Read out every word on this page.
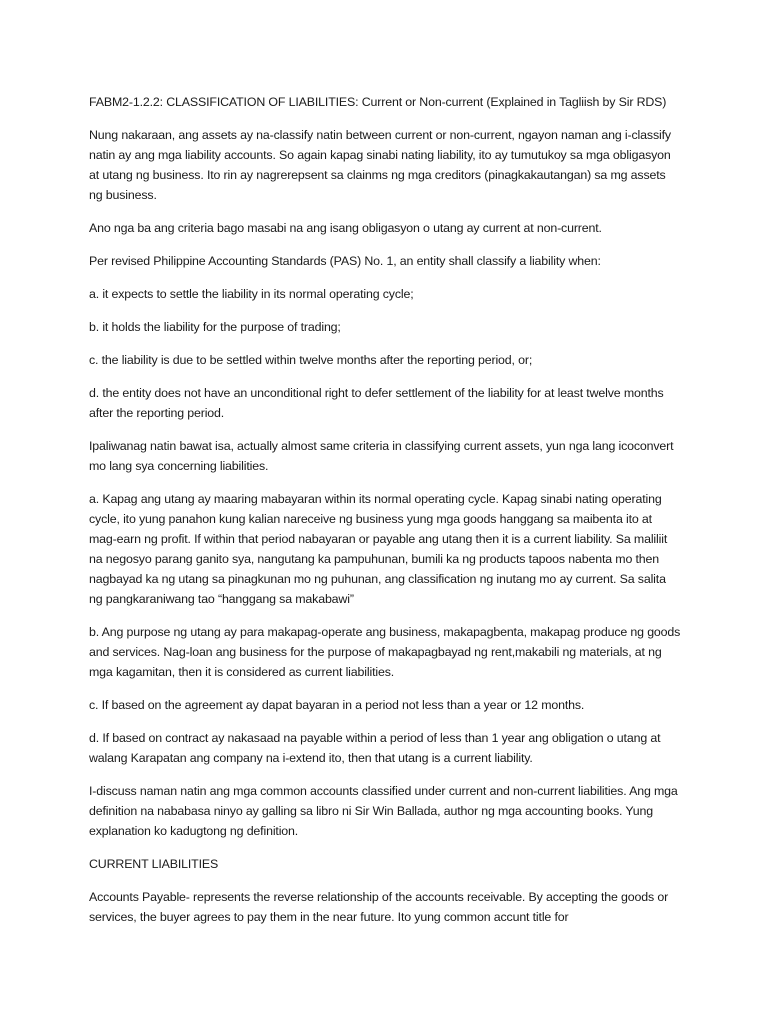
FABM2-1.2.2: CLASSIFICATION OF LIABILITIES: Current or Non-current (Explained in Tagliish by Sir RDS)

Nung nakaraan, ang assets ay na-classify natin between current or non-current, ngayon naman ang i-classify natin ay ang mga liability accounts. So again kapag sinabi nating liability, ito ay tumutukoy sa mga obligasyon at utang ng business. Ito rin ay nagrerepsent sa clainms ng mga creditors (pinagkakautangan) sa mg assets ng business.

Ano nga ba ang criteria bago masabi na ang isang obligasyon o utang ay current at non-current.

Per revised Philippine Accounting Standards (PAS) No. 1, an entity shall classify a liability when:

a. it expects to settle the liability in its normal operating cycle;

b. it holds the liability for the purpose of trading;

c. the liability is due to be settled within twelve months after the reporting period, or;

d. the entity does not have an unconditional right to defer settlement of the liability for at least twelve months after the reporting period.

Ipaliwanag natin bawat isa, actually almost same criteria in classifying current assets, yun nga lang icoconvert mo lang sya concerning liabilities.

a. Kapag ang utang ay maaring mabayaran within its normal operating cycle. Kapag sinabi nating operating cycle, ito yung panahon kung kalian nareceive ng business yung mga goods hanggang sa maibenta ito at mag-earn ng profit. If within that period nabayaran or payable ang utang then it is a current liability. Sa maliliit na negosyo parang ganito sya, nangutang ka pampuhunan, bumili ka ng products tapoos nabenta mo then nagbayad ka ng utang sa pinagkunan mo ng puhunan, ang classification ng inutang mo ay current. Sa salita ng pangkaraniwang tao “hanggang sa makabawi”

b. Ang purpose ng utang ay para makapag-operate ang business, makapagbenta, makapag produce ng goods and services. Nag-loan ang business for the purpose of makapagbayad ng rent,makabili ng materials, at ng mga kagamitan, then it is considered as current liabilities.

c. If based on the agreement ay dapat bayaran in a period not less than a year or 12 months.

d. If based on contract ay nakasaad na payable within a period of less than 1 year ang obligation o utang at walang Karapatan ang company na i-extend ito, then that utang is a current liability.

I-discuss naman natin ang mga common accounts classified under current and non-current liabilities. Ang mga definition na nababasa ninyo ay galling sa libro ni Sir Win Ballada, author ng mga accounting books. Yung explanation ko kadugtong ng definition.

CURRENT LIABILITIES

Accounts Payable- represents the reverse relationship of the accounts receivable. By accepting the goods or services, the buyer agrees to pay them in the near future. Ito yung common accunt title for
